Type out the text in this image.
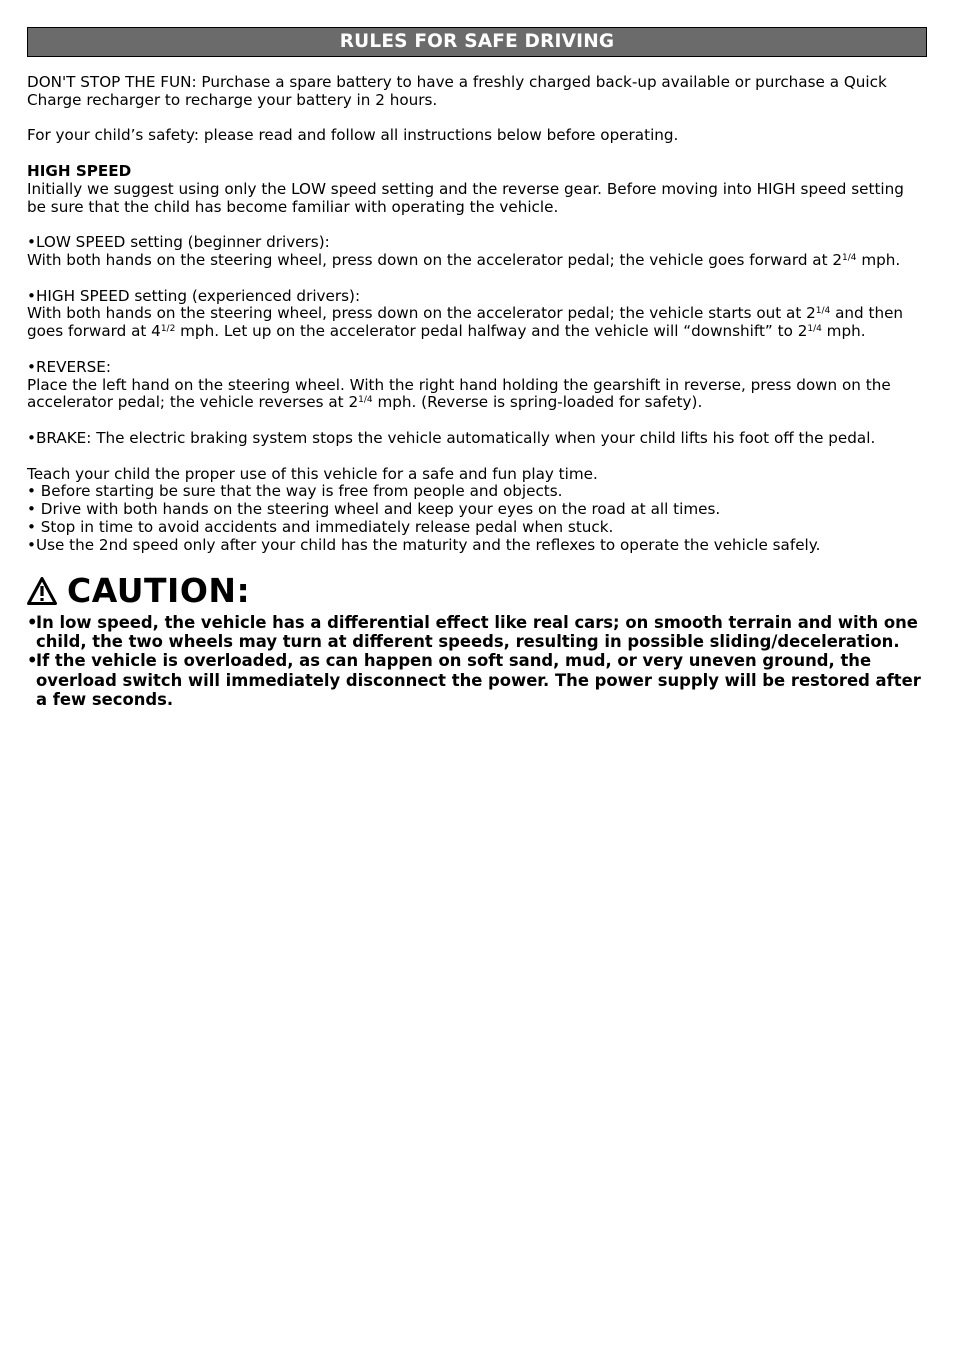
RULES FOR SAFE DRIVING

DON'T STOP THE FUN: Purchase a spare battery to have a freshly charged back-up available or purchase a Quick Charge recharger to recharge your battery in 2 hours.

For your child’s safety: please read and follow all instructions below before operating.

HIGH SPEED

Initially we suggest using only the LOW speed setting and the reverse gear. Before moving into HIGH speed setting be sure that the child has become familiar with operating the vehicle.

•LOW SPEED setting (beginner drivers):

With both hands on the steering wheel, press down on the accelerator pedal; the vehicle goes forward at $2^{1/4}$ mph.

•HIGH SPEED setting (experienced drivers):

With both hands on the steering wheel, press down on the accelerator pedal; the vehicle starts out at $2^{1/4}$ and then goes forward at $4^{1/2}$ mph. Let up on the accelerator pedal halfway and the vehicle will “downshift” to $2^{1/4}$ mph.

•REVERSE:

Place the left hand on the steering wheel. With the right hand holding the gearshift in reverse, press down on the accelerator pedal; the vehicle reverses at $2^{1/4}$ mph. (Reverse is spring-loaded for safety).

•BRAKE: The electric braking system stops the vehicle automatically when your child lifts his foot off the pedal.

Teach your child the proper use of this vehicle for a safe and fun play time.

• Before starting be sure that the way is free from people and objects.

• Drive with both hands on the steering wheel and keep your eyes on the road at all times.

• Stop in time to avoid accidents and immediately release pedal when stuck.

•Use the 2nd speed only after your child has the maturity and the reflexes to operate the vehicle safely.

CAUTION:
•
In low speed, the vehicle has a differential effect like real cars; on smooth terrain and with one child, the two wheels may turn at different speeds, resulting in possible sliding/deceleration.
•
If the vehicle is overloaded, as can happen on soft sand, mud, or very uneven ground, the overload switch will immediately disconnect the power. The power supply will be restored after a few seconds.
